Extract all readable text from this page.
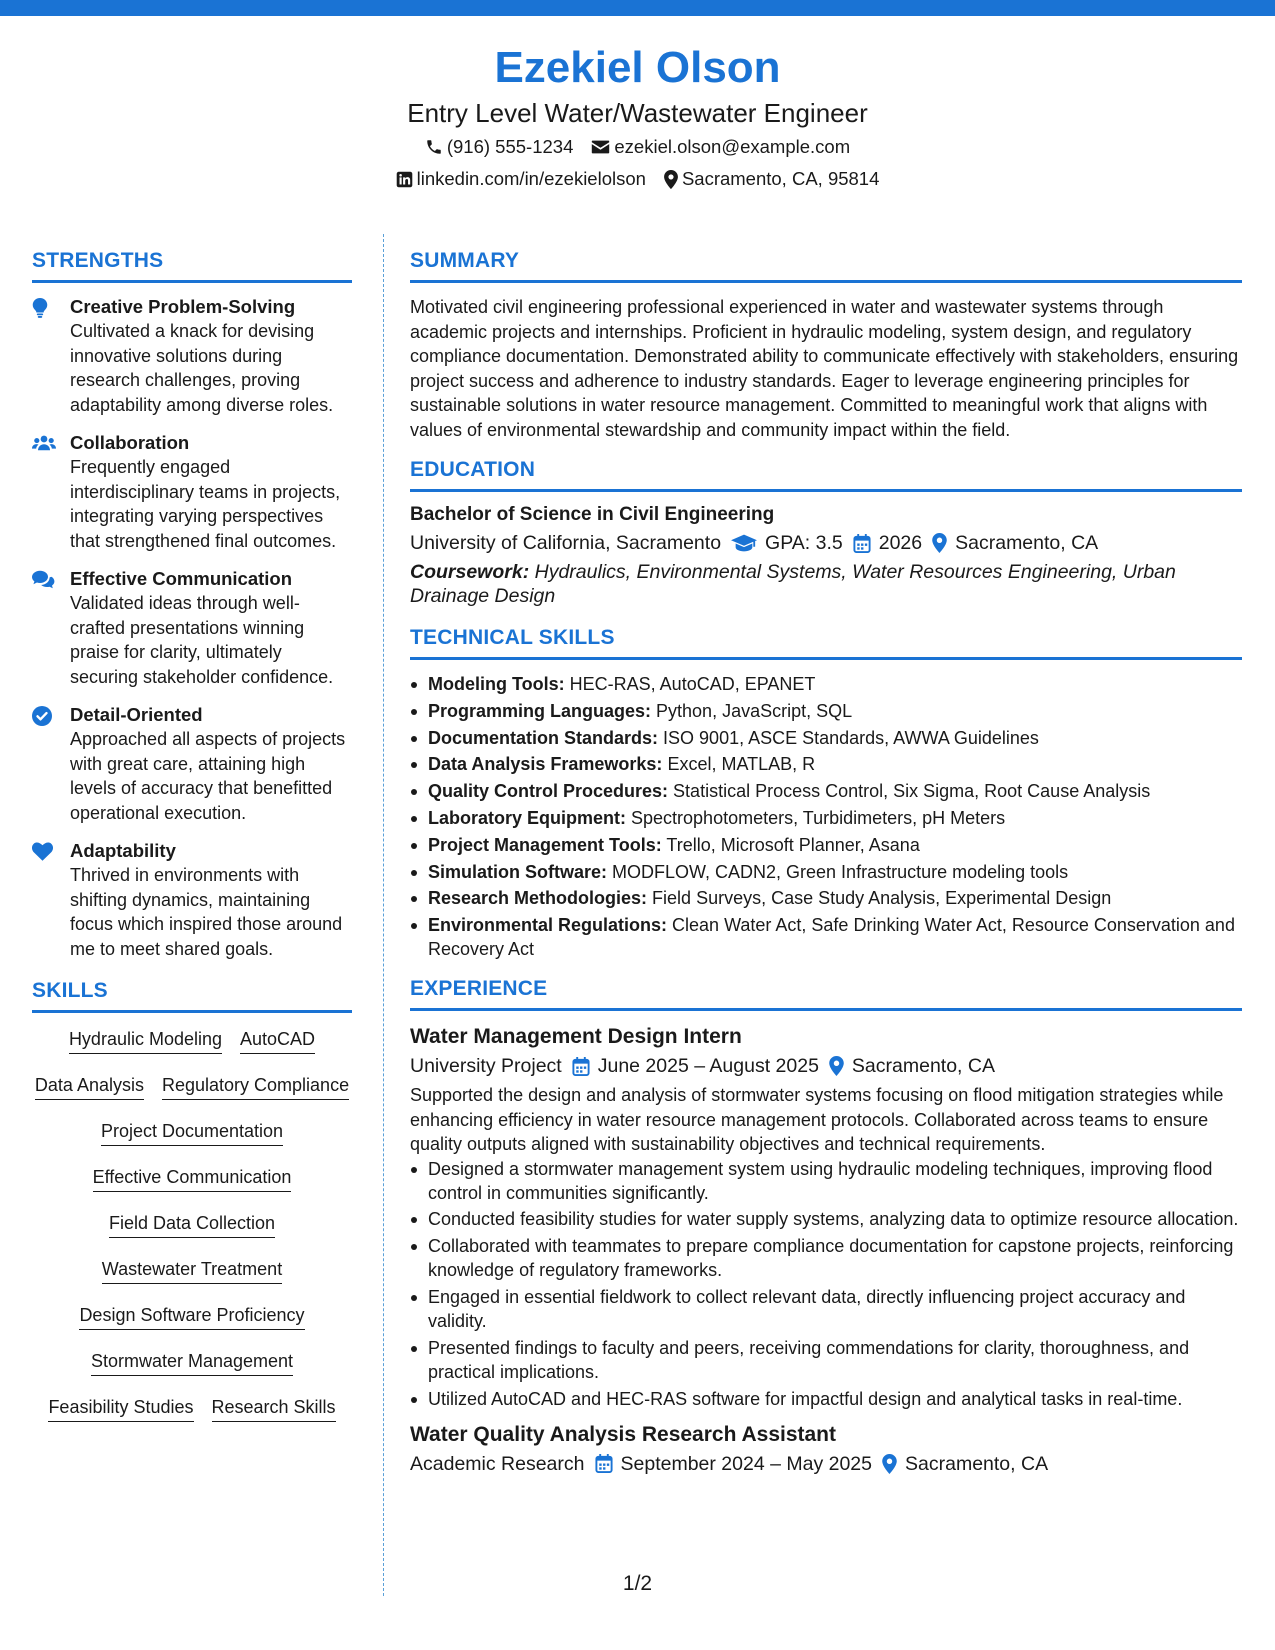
Ezekiel Olson
Entry Level Water/Wastewater Engineer
(916) 555-1234 ezekiel.olson@example.com
linkedin.com/in/ezekielolson Sacramento, CA, 95814
STRENGTHS
Creative Problem-Solving
Cultivated a knack for devising innovative solutions during research challenges, proving adaptability among diverse roles.
Collaboration
Frequently engaged interdisciplinary teams in projects, integrating varying perspectives that strengthened final outcomes.
Effective Communication
Validated ideas through well-crafted presentations winning praise for clarity, ultimately securing stakeholder confidence.
Detail-Oriented
Approached all aspects of projects with great care, attaining high levels of accuracy that benefitted operational execution.
Adaptability
Thrived in environments with shifting dynamics, maintaining focus which inspired those around me to meet shared goals.
SKILLS
Hydraulic Modeling AutoCAD
Data Analysis Regulatory Compliance
Project Documentation
Effective Communication
Field Data Collection
Wastewater Treatment
Design Software Proficiency
Stormwater Management
Feasibility Studies Research Skills
SUMMARY
Motivated civil engineering professional experienced in water and wastewater systems through academic projects and internships. Proficient in hydraulic modeling, system design, and regulatory compliance documentation. Demonstrated ability to communicate effectively with stakeholders, ensuring project success and adherence to industry standards. Eager to leverage engineering principles for sustainable solutions in water resource management. Committed to meaningful work that aligns with values of environmental stewardship and community impact within the field.
EDUCATION
Bachelor of Science in Civil Engineering
University of California, Sacramento GPA: 3.5 2026 Sacramento, CA
Coursework: Hydraulics, Environmental Systems, Water Resources Engineering, Urban Drainage Design
TECHNICAL SKILLS
Modeling Tools: HEC-RAS, AutoCAD, EPANET
Programming Languages: Python, JavaScript, SQL
Documentation Standards: ISO 9001, ASCE Standards, AWWA Guidelines
Data Analysis Frameworks: Excel, MATLAB, R
Quality Control Procedures: Statistical Process Control, Six Sigma, Root Cause Analysis
Laboratory Equipment: Spectrophotometers, Turbidimeters, pH Meters
Project Management Tools: Trello, Microsoft Planner, Asana
Simulation Software: MODFLOW, CADN2, Green Infrastructure modeling tools
Research Methodologies: Field Surveys, Case Study Analysis, Experimental Design
Environmental Regulations: Clean Water Act, Safe Drinking Water Act, Resource Conservation and Recovery Act
EXPERIENCE
Water Management Design Intern
University Project June 2025 – August 2025 Sacramento, CA
Supported the design and analysis of stormwater systems focusing on flood mitigation strategies while enhancing efficiency in water resource management protocols. Collaborated across teams to ensure quality outputs aligned with sustainability objectives and technical requirements.
Designed a stormwater management system using hydraulic modeling techniques, improving flood control in communities significantly.
Conducted feasibility studies for water supply systems, analyzing data to optimize resource allocation.
Collaborated with teammates to prepare compliance documentation for capstone projects, reinforcing knowledge of regulatory frameworks.
Engaged in essential fieldwork to collect relevant data, directly influencing project accuracy and validity.
Presented findings to faculty and peers, receiving commendations for clarity, thoroughness, and practical implications.
Utilized AutoCAD and HEC-RAS software for impactful design and analytical tasks in real-time.
Water Quality Analysis Research Assistant
Academic Research September 2024 – May 2025 Sacramento, CA
1/2
